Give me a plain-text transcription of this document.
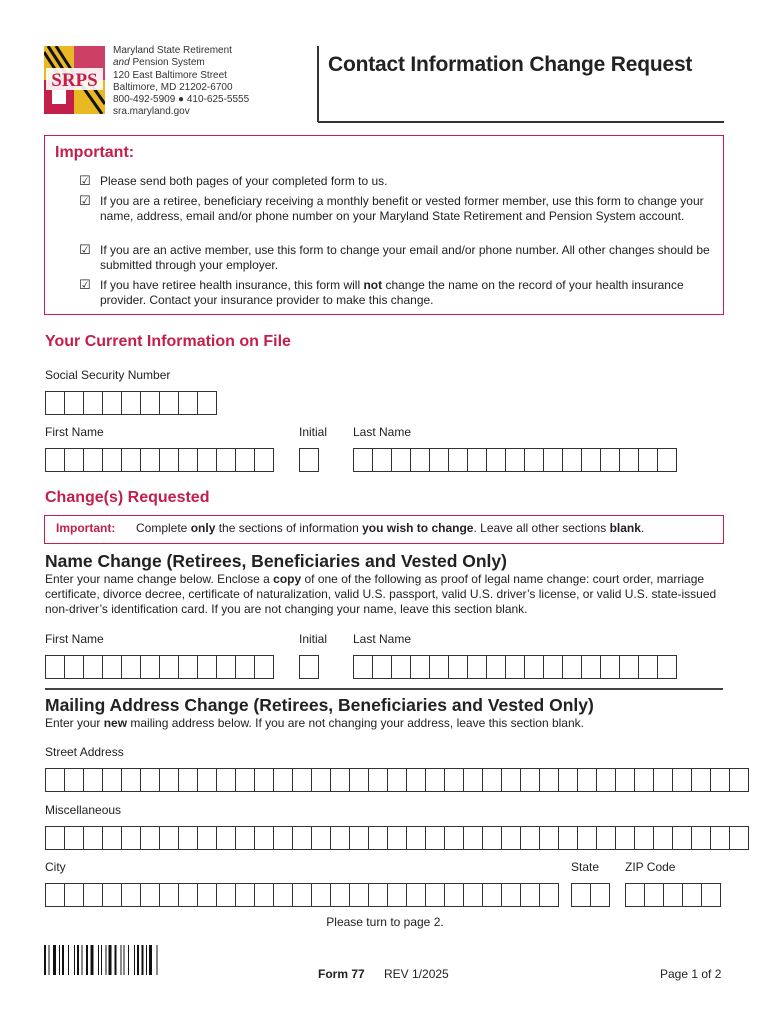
SRPS
Maryland State Retirement
and Pension System
120 East Baltimore Street
Baltimore, MD 21202-6700
800-492-5909 ● 410-625-5555
sra.maryland.gov
Contact Information Change Request
Important:
☑ Please send both pages of your completed form to us.
☑ If you are a retiree, beneficiary receiving a monthly benefit or vested former member, use this form to change your name, address, email and/or phone number on your Maryland State Retirement and Pension System account.
☑ If you are an active member, use this form to change your email and/or phone number. All other changes should be submitted through your employer.
☑ If you have retiree health insurance, this form will not change the name on the record of your health insurance provider. Contact your insurance provider to make this change.
Your Current Information on File
Social Security Number
First Name	Initial Last Name
Change(s) Requested
Important: Complete only the sections of information you wish to change. Leave all other sections blank.
Name Change (Retirees, Beneficiaries and Vested Only)
Enter your name change below. Enclose a copy of one of the following as proof of legal name change: court order, marriage certificate, divorce decree, certificate of naturalization, valid U.S. passport, valid U.S. driver’s license, or valid U.S. state-issued non-driver’s identification card. If you are not changing your name, leave this section blank.
First Name	Initial Last Name
Mailing Address Change (Retirees, Beneficiaries and Vested Only)
Enter your new mailing address below. If you are not changing your address, leave this section blank.
Street Address
Miscellaneous
City	State ZIP Code
Please turn to page 2.
Form 77 REV 1/2025	Page 1 of 2
